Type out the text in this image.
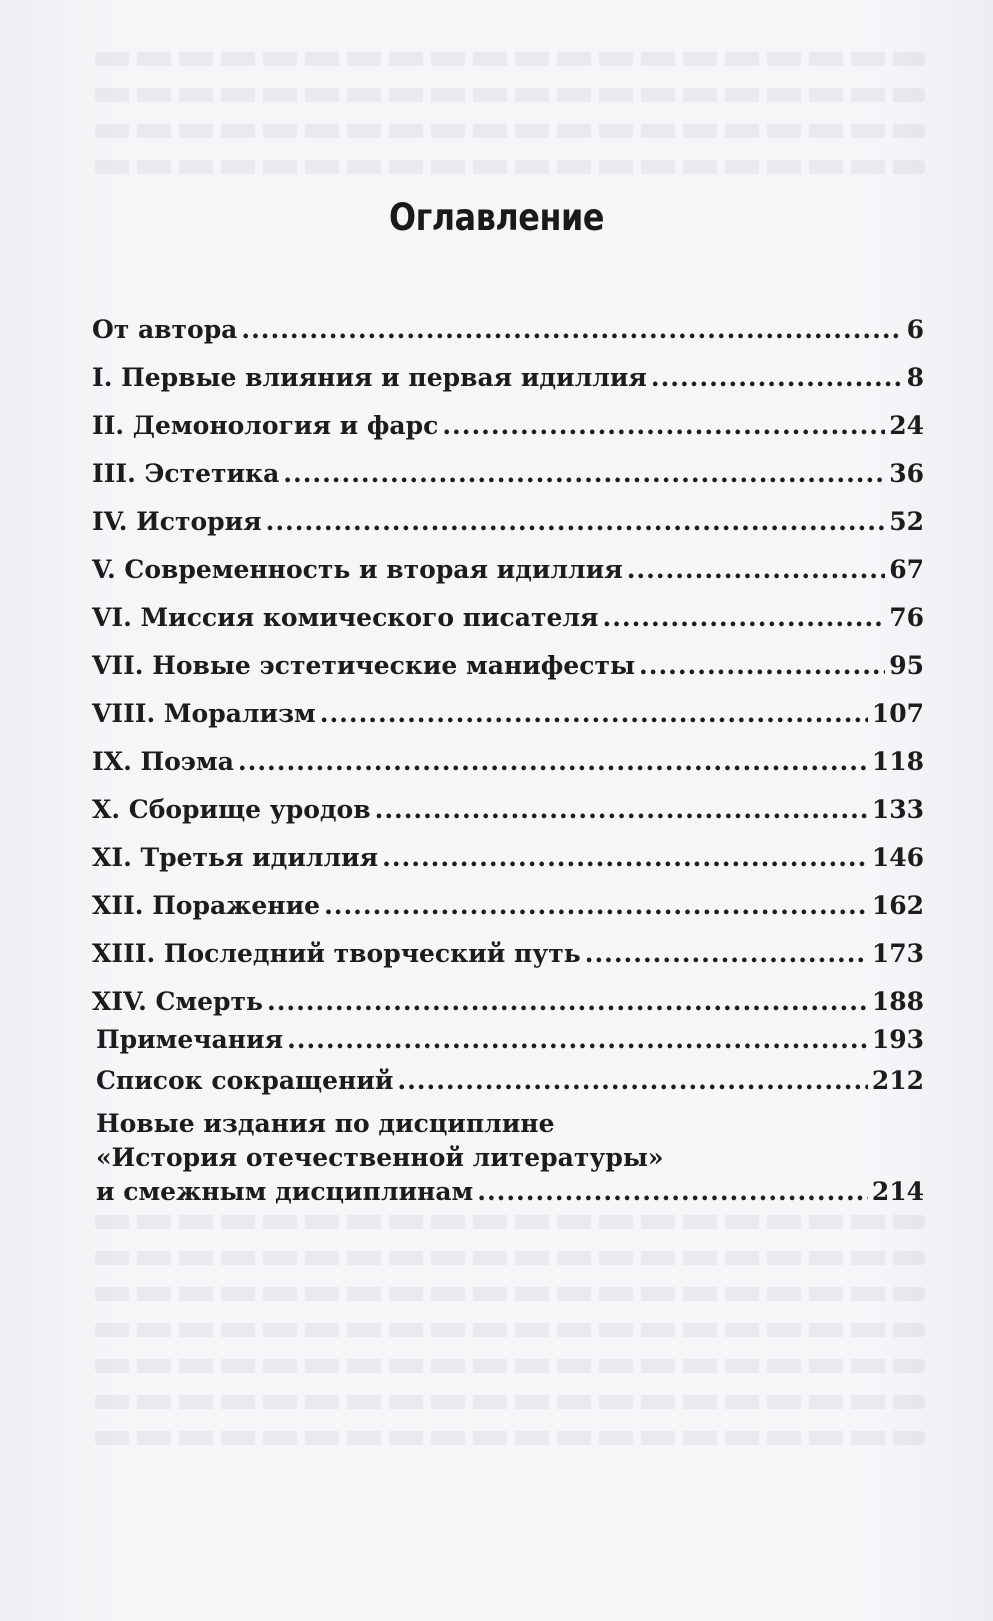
Оглавление
От автора .....	6
I. Первые влияния и первая идиллия .....	8
II. Демонология и фарс .....	24
III. Эстетика .....	36
IV. История .....	52
V. Современность и вторая идиллия .....	67
VI. Миссия комического писателя .....	76
VII. Новые эстетические манифесты .....	95
VIII. Морализм .....	107
IX. Поэма .....	118
X. Сборище уродов .....	133
XI. Третья идиллия .....	146
XII. Поражение .....	162
XIII. Последний творческий путь .....	173
XIV. Смерть .....	188
Примечания .....	193
Список сокращений .....	212
Новые издания по дисциплине
«История отечественной литературы»
и смежным дисциплинам .....	214
